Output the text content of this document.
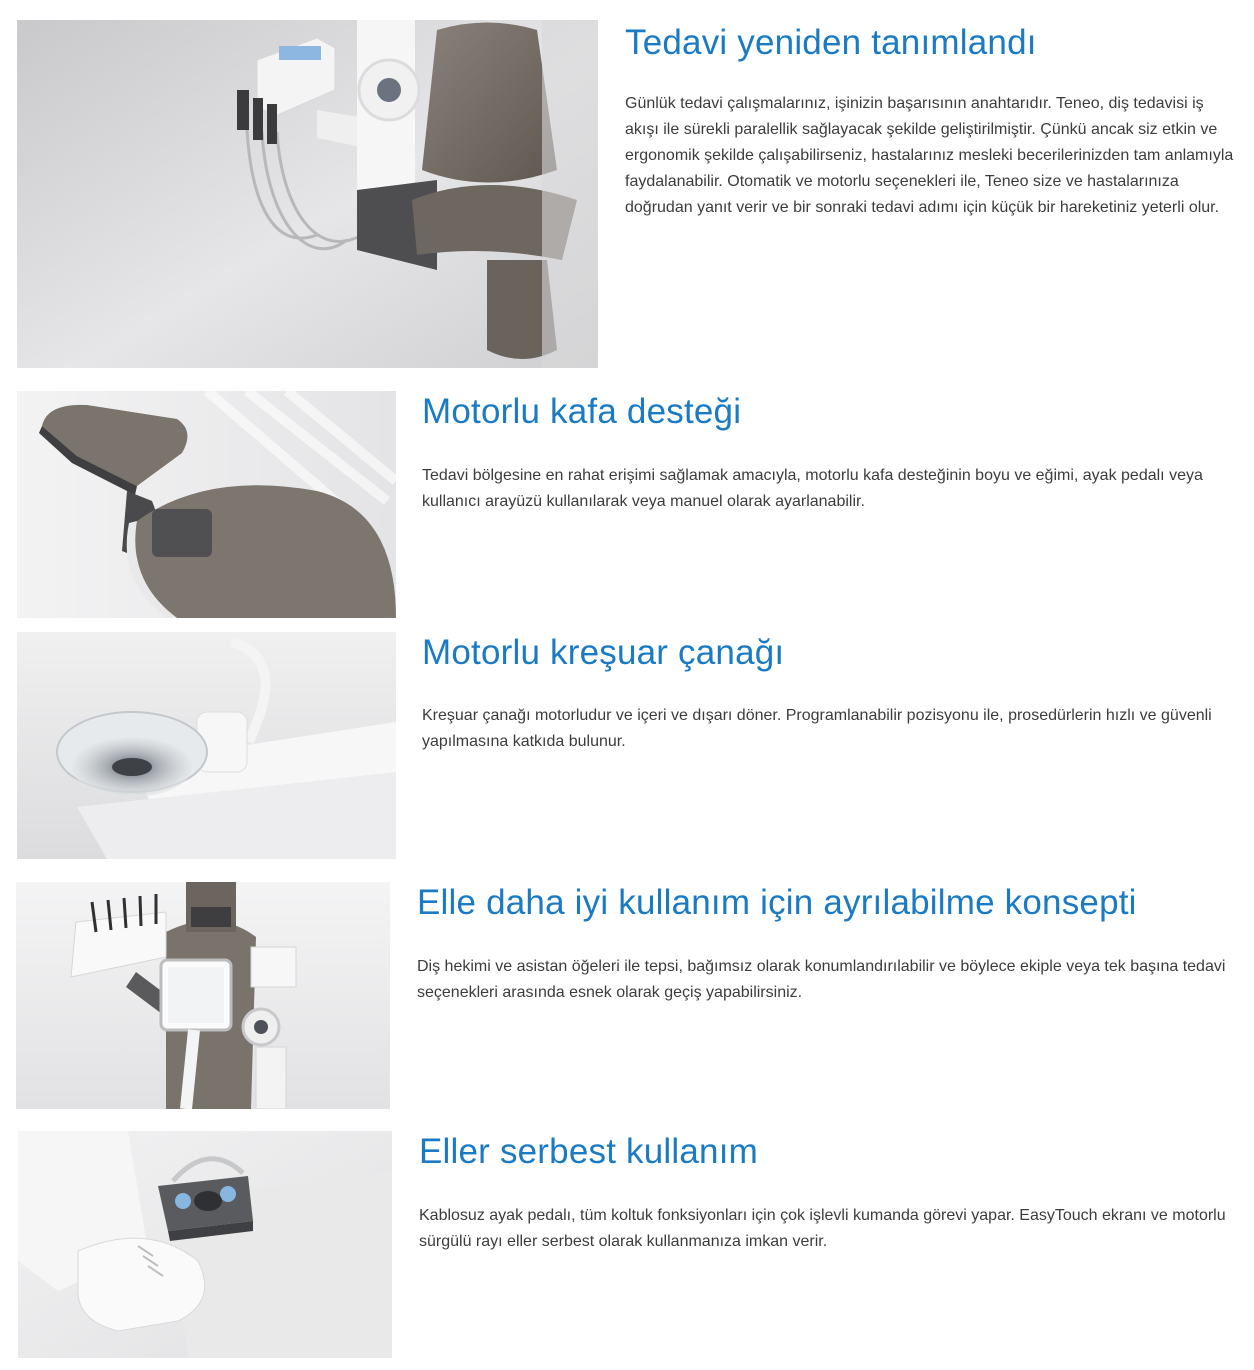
Tedavi yeniden tanımlandı

Günlük tedavi çalışmalarınız, işinizin başarısının anahtarıdır. Teneo, diş tedavisi iş akışı ile sürekli paralellik sağlayacak şekilde geliştirilmiştir. Çünkü ancak siz etkin ve ergonomik şekilde çalışabilirseniz, hastalarınız mesleki becerilerinizden tam anlamıyla faydalanabilir. Otomatik ve motorlu seçenekleri ile, Teneo size ve hastalarınıza doğrudan yanıt verir ve bir sonraki tedavi adımı için küçük bir hareketiniz yeterli olur.

Motorlu kafa desteği

Tedavi bölgesine en rahat erişimi sağlamak amacıyla, motorlu kafa desteğinin boyu ve eğimi, ayak pedalı veya kullanıcı arayüzü kullanılarak veya manuel olarak ayarlanabilir.

Motorlu kreşuar çanağı

Kreşuar çanağı motorludur ve içeri ve dışarı döner. Programlanabilir pozisyonu ile, prosedürlerin hızlı ve güvenli yapılmasına katkıda bulunur.

Elle daha iyi kullanım için ayrılabilme konsepti

Diş hekimi ve asistan öğeleri ile tepsi, bağımsız olarak konumlandırılabilir ve böylece ekiple veya tek başına tedavi seçenekleri arasında esnek olarak geçiş yapabilirsiniz.

Eller serbest kullanım

Kablosuz ayak pedalı, tüm koltuk fonksiyonları için çok işlevli kumanda görevi yapar. EasyTouch ekranı ve motorlu sürgülü rayı eller serbest olarak kullanmanıza imkan verir.
